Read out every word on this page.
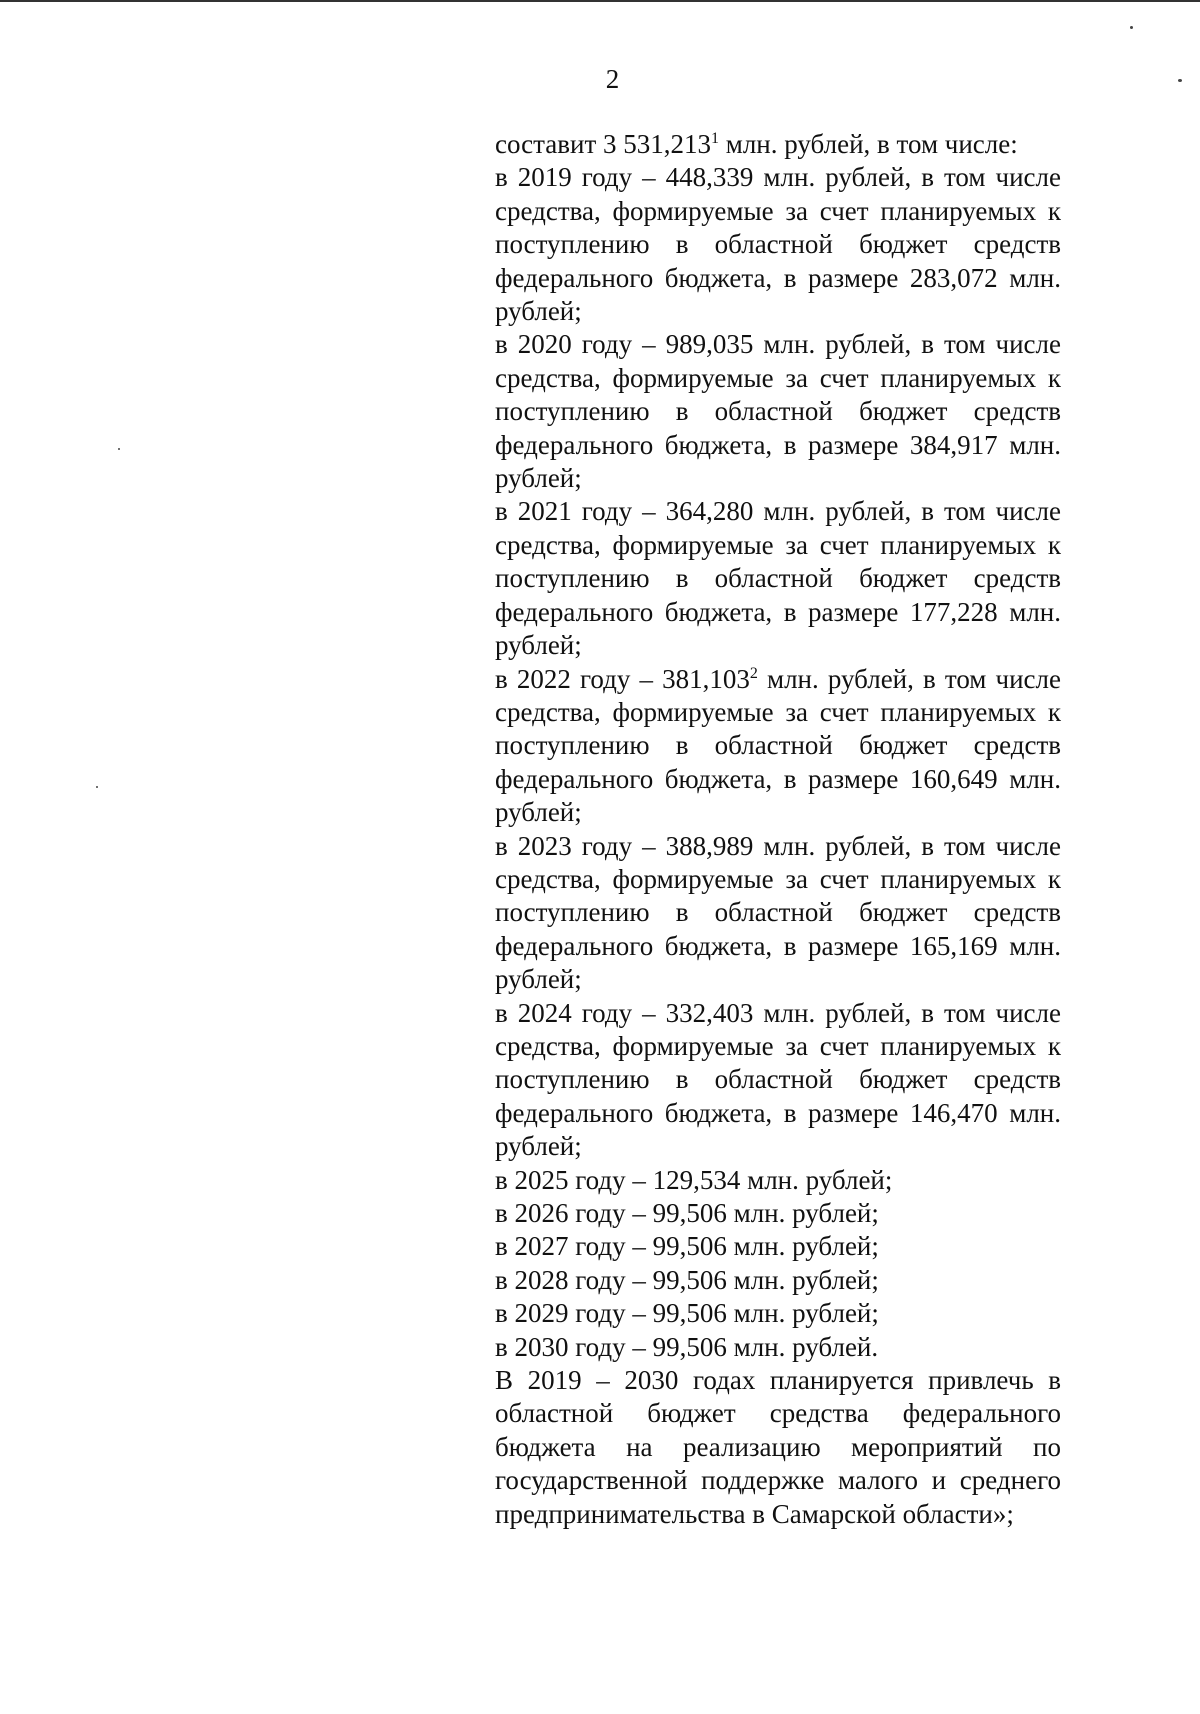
2

составит 3 531,213$^1$ млн. рублей, в том числе:

в 2019 году – 448,339 млн. рублей, в том числе средства, формируемые за счет планируемых к поступлению в областной бюджет средств федерального бюджета, в размере 283,072 млн. рублей;

в 2020 году – 989,035 млн. рублей, в том числе средства, формируемые за счет планируемых к поступлению в областной бюджет средств федерального бюджета, в размере 384,917 млн. рублей;

в 2021 году – 364,280 млн. рублей, в том числе средства, формируемые за счет планируемых к поступлению в областной бюджет средств федерального бюджета, в размере 177,228 млн. рублей;

в 2022 году – 381,103$^2$ млн. рублей, в том числе средства, формируемые за счет планируемых к поступлению в областной бюджет средств федерального бюджета, в размере 160,649 млн. рублей;

в 2023 году – 388,989 млн. рублей, в том числе средства, формируемые за счет планируемых к поступлению в областной бюджет средств федерального бюджета, в размере 165,169 млн. рублей;

в 2024 году – 332,403 млн. рублей, в том числе средства, формируемые за счет планируемых к поступлению в областной бюджет средств федерального бюджета, в размере 146,470 млн. рублей;

в 2025 году – 129,534 млн. рублей;

в 2026 году – 99,506 млн. рублей;

в 2027 году – 99,506 млн. рублей;

в 2028 году – 99,506 млн. рублей;

в 2029 году – 99,506 млн. рублей;

в 2030 году – 99,506 млн. рублей.

В 2019 – 2030 годах планируется привлечь в областной бюджет средства федерального бюджета на реализацию мероприятий по государственной поддержке малого и среднего предпринимательства в Самарской области»;
